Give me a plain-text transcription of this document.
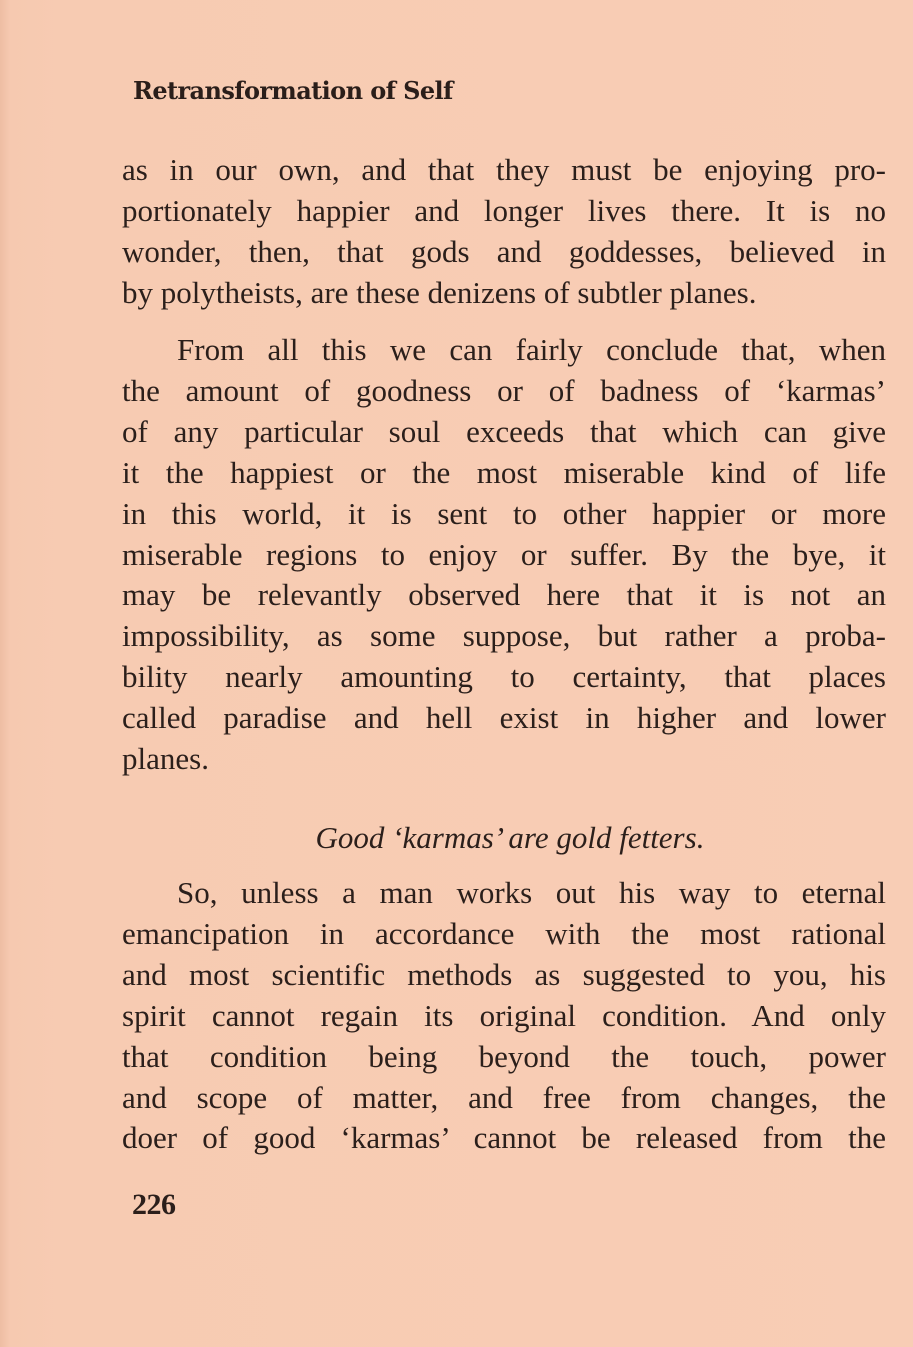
Retransformation of Self
as in our own, and that they must be enjoying pro-
portionately happier and longer lives there. It is no
wonder, then, that gods and goddesses, believed in
by polytheists, are these denizens of subtler planes.
From all this we can fairly conclude that, when
the amount of goodness or of badness of ‘karmas’
of any particular soul exceeds that which can give
it the happiest or the most miserable kind of life
in this world, it is sent to other happier or more
miserable regions to enjoy or suffer. By the bye, it
may be relevantly observed here that it is not an
impossibility, as some suppose, but rather a proba-
bility nearly amounting to certainty, that places
called paradise and hell exist in higher and lower
planes.
Good ‘karmas’ are gold fetters.
So, unless a man works out his way to eternal
emancipation in accordance with the most rational
and most scientific methods as suggested to you, his
spirit cannot regain its original condition. And only
that condition being beyond the touch, power
and scope of matter, and free from changes, the
doer of good ‘karmas’ cannot be released from the
226
